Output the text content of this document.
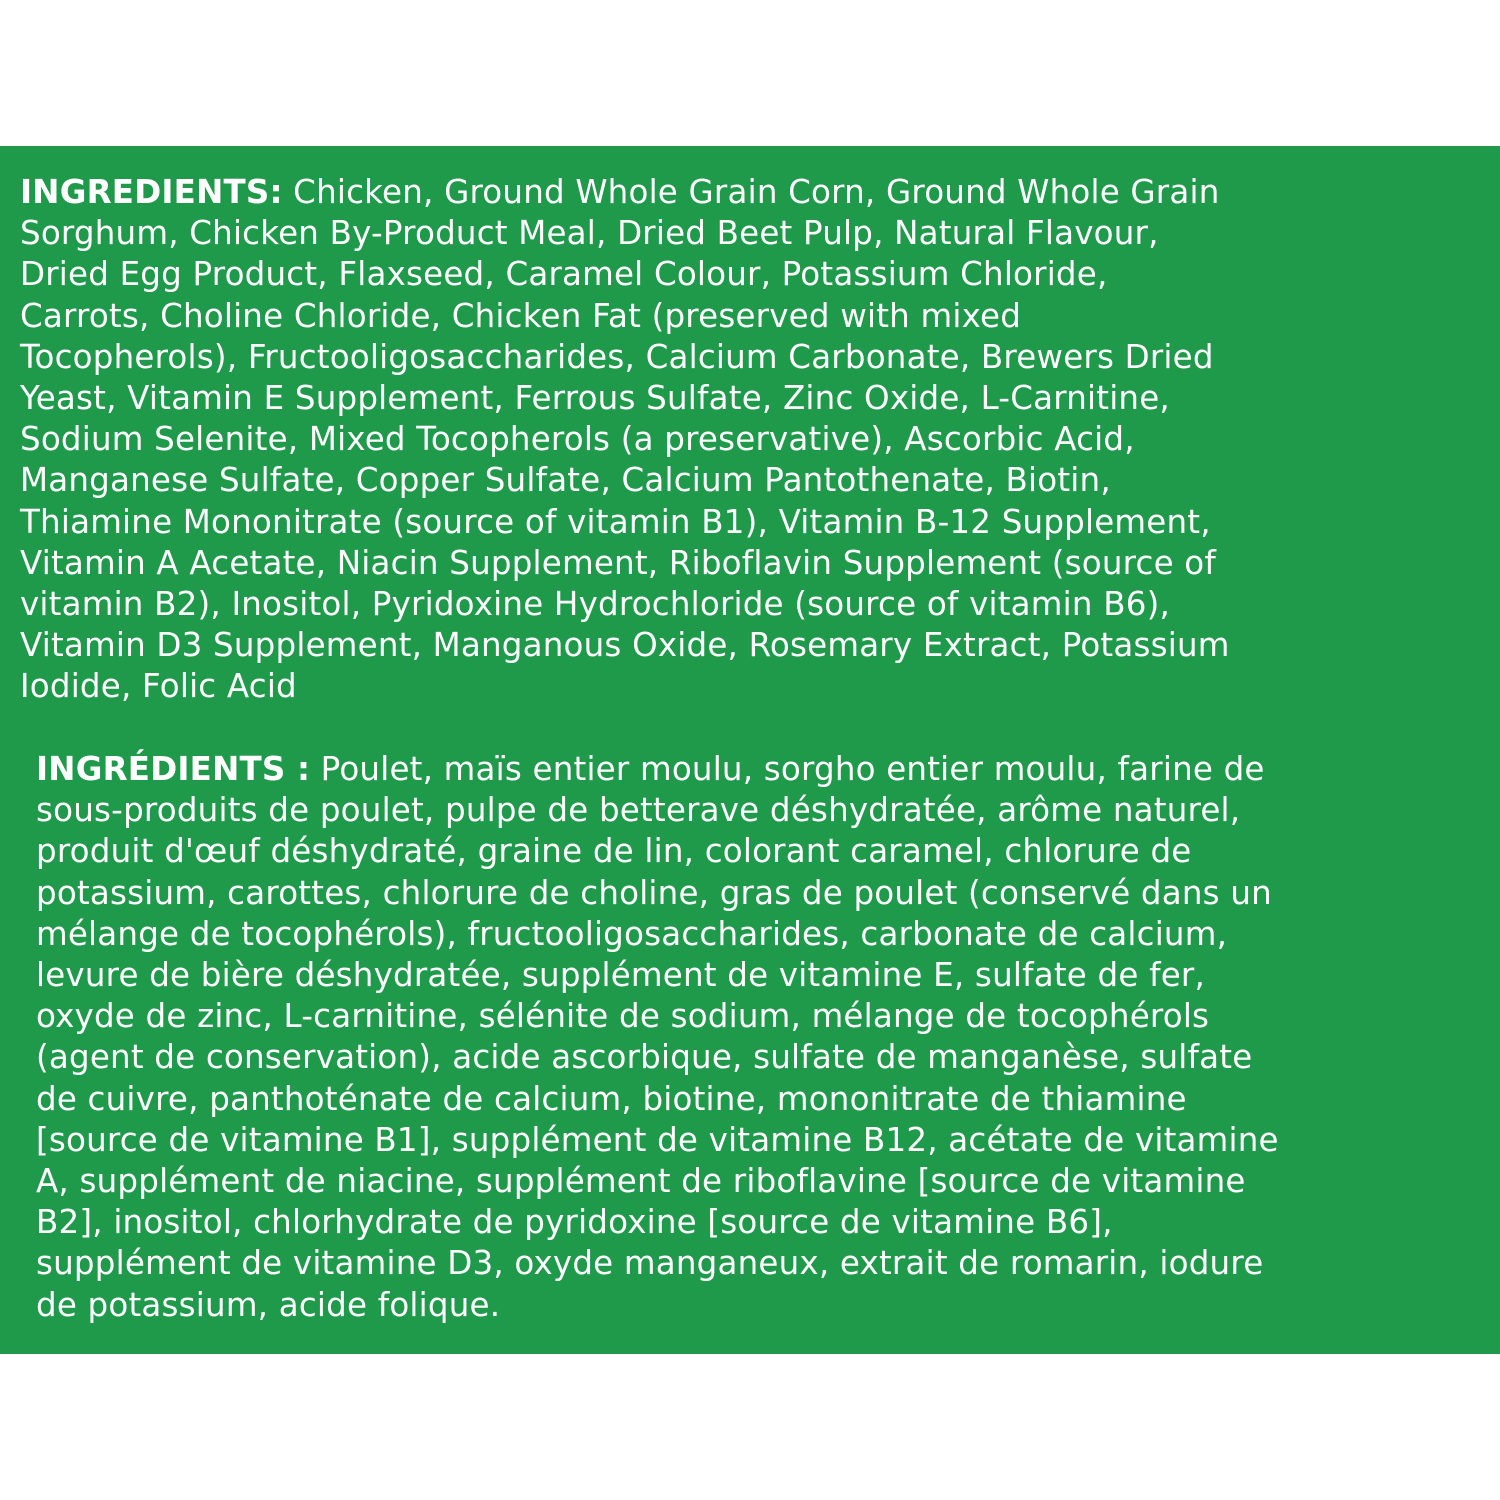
INGREDIENTS: Chicken, Ground Whole Grain Corn, Ground Whole Grain
Sorghum, Chicken By-Product Meal, Dried Beet Pulp, Natural Flavour,
Dried Egg Product, Flaxseed, Caramel Colour, Potassium Chloride,
Carrots, Choline Chloride, Chicken Fat (preserved with mixed
Tocopherols), Fructooligosaccharides, Calcium Carbonate, Brewers Dried
Yeast, Vitamin E Supplement, Ferrous Sulfate, Zinc Oxide, L-Carnitine,
Sodium Selenite, Mixed Tocopherols (a preservative), Ascorbic Acid,
Manganese Sulfate, Copper Sulfate, Calcium Pantothenate, Biotin,
Thiamine Mononitrate (source of vitamin B1), Vitamin B-12 Supplement,
Vitamin A Acetate, Niacin Supplement, Riboflavin Supplement (source of
vitamin B2), Inositol, Pyridoxine Hydrochloride (source of vitamin B6),
Vitamin D3 Supplement, Manganous Oxide, Rosemary Extract, Potassium
Iodide, Folic Acid
INGRÉDIENTS : Poulet, maïs entier moulu, sorgho entier moulu, farine de
sous-produits de poulet, pulpe de betterave déshydratée, arôme naturel,
produit d'œuf déshydraté, graine de lin, colorant caramel, chlorure de
potassium, carottes, chlorure de choline, gras de poulet (conservé dans un
mélange de tocophérols), fructooligosaccharides, carbonate de calcium,
levure de bière déshydratée, supplément de vitamine E, sulfate de fer,
oxyde de zinc, L-carnitine, sélénite de sodium, mélange de tocophérols
(agent de conservation), acide ascorbique, sulfate de manganèse, sulfate
de cuivre, panthoténate de calcium, biotine, mononitrate de thiamine
[source de vitamine B1], supplément de vitamine B12, acétate de vitamine
A, supplément de niacine, supplément de riboflavine [source de vitamine
B2], inositol, chlorhydrate de pyridoxine [source de vitamine B6],
supplément de vitamine D3, oxyde manganeux, extrait de romarin, iodure
de potassium, acide folique.
